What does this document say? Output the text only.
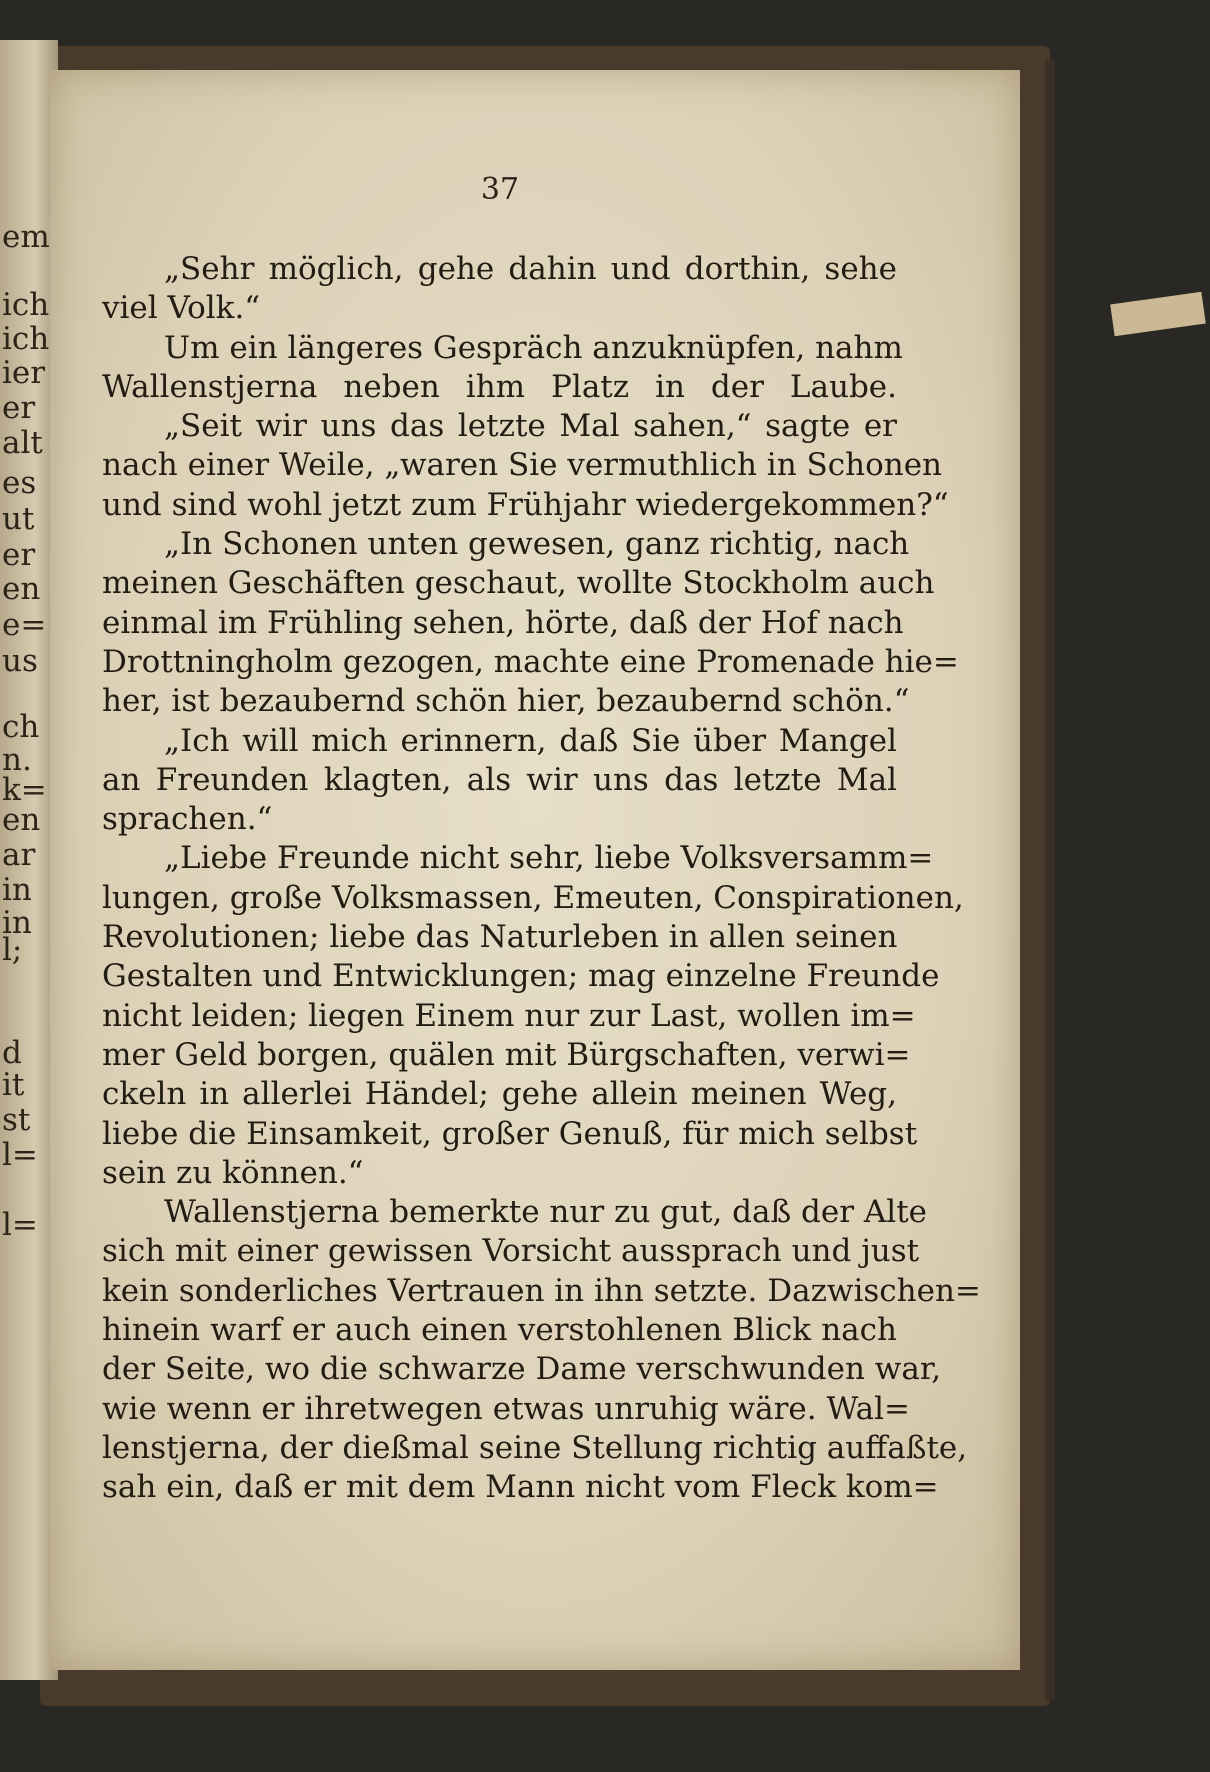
em
ich
ich
ier
er
alt
es
ut
er
en
e=
us
ch
n.
k=
en
ar
in
in
l;
d
it
st
l=
l=
37
„Sehr möglich, gehe dahin und dorthin, sehe
viel Volk.“
Um ein längeres Gespräch anzuknüpfen, nahm
Wallenstjerna neben ihm Platz in der Laube.
„Seit wir uns das letzte Mal sahen,“ sagte er
nach einer Weile, „waren Sie vermuthlich in Schonen
und sind wohl jetzt zum Frühjahr wiedergekommen?“
„In Schonen unten gewesen, ganz richtig, nach
meinen Geschäften geschaut, wollte Stockholm auch
einmal im Frühling sehen, hörte, daß der Hof nach
Drottningholm gezogen, machte eine Promenade hie=
her, ist bezaubernd schön hier, bezaubernd schön.“
„Ich will mich erinnern, daß Sie über Mangel
an Freunden klagten, als wir uns das letzte Mal
sprachen.“
„Liebe Freunde nicht sehr, liebe Volksversamm=
lungen, große Volksmassen, Emeuten, Conspirationen,
Revolutionen; liebe das Naturleben in allen seinen
Gestalten und Entwicklungen; mag einzelne Freunde
nicht leiden; liegen Einem nur zur Last, wollen im=
mer Geld borgen, quälen mit Bürgschaften, verwi=
ckeln in allerlei Händel; gehe allein meinen Weg,
liebe die Einsamkeit, großer Genuß, für mich selbst
sein zu können.“
Wallenstjerna bemerkte nur zu gut, daß der Alte
sich mit einer gewissen Vorsicht aussprach und just
kein sonderliches Vertrauen in ihn setzte. Dazwischen=
hinein warf er auch einen verstohlenen Blick nach
der Seite, wo die schwarze Dame verschwunden war,
wie wenn er ihretwegen etwas unruhig wäre. Wal=
lenstjerna, der dießmal seine Stellung richtig auffaßte,
sah ein, daß er mit dem Mann nicht vom Fleck kom=
